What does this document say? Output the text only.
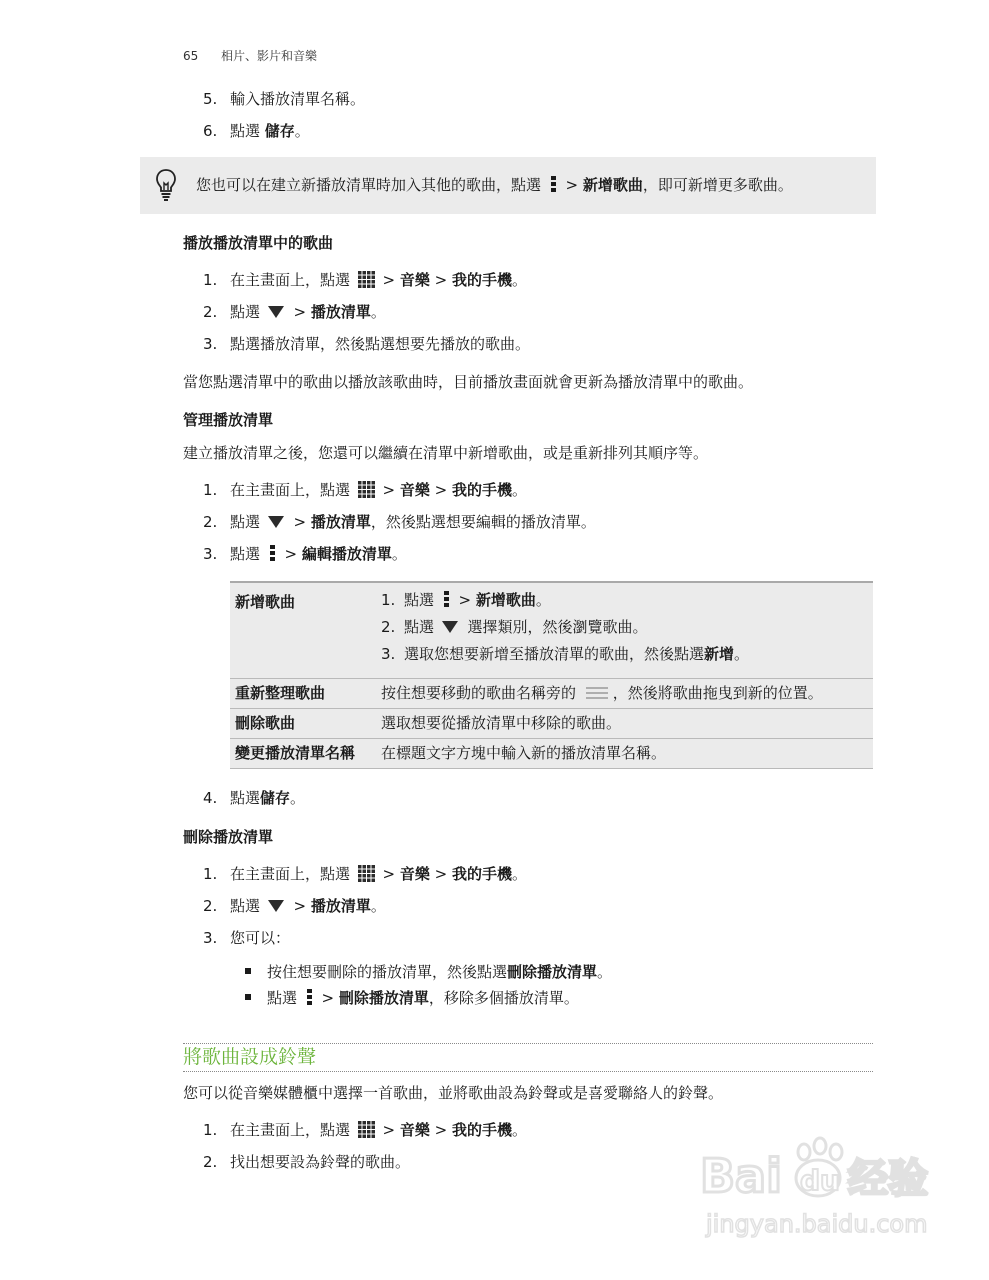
65 相片、影片和音樂
5. 輸入播放清單名稱。
6. 點選 儲存。
您也可以在建立新播放清單時加入其他的歌曲，點選
> 新增歌曲，即可新增更多歌曲。
播放播放清單中的歌曲
1. 在主畫面上，點選  > 音樂 > 我的手機。
2. 點選  > 播放清單。
3. 點選播放清單，然後點選想要先播放的歌曲。
當您點選清單中的歌曲以播放該歌曲時，目前播放畫面就會更新為播放清單中的歌曲。
管理播放清單
建立播放清單之後，您還可以繼續在清單中新增歌曲，或是重新排列其順序等。
1. 在主畫面上，點選  > 音樂 > 我的手機。
2. 點選  > 播放清單，然後點選想要編輯的播放清單。
3. 點選
> 編輯播放清單。
新增歌曲	1. 點選
> 新增歌曲。
2. 點選  選擇類別，然後瀏覽歌曲。
3. 選取您想要新增至播放清單的歌曲，然後點選新增。

重新整理歌曲	按住想要移動的歌曲名稱旁的 ，然後將歌曲拖曳到新的位置。
刪除歌曲	選取想要從播放清單中移除的歌曲。
變更播放清單名稱	在標題文字方塊中輸入新的播放清單名稱。
4. 點選儲存。
刪除播放清單
1. 在主畫面上，點選  > 音樂 > 我的手機。
2. 點選  > 播放清單。
3. 您可以：
按住想要刪除的播放清單，然後點選刪除播放清單。
點選
> 刪除播放清單，移除多個播放清單。
將歌曲設成鈴聲
您可以從音樂媒體櫃中選擇一首歌曲，並將歌曲設為鈴聲或是喜愛聯絡人的鈴聲。
1. 在主畫面上，點選  > 音樂 > 我的手機。
2. 找出想要設為鈴聲的歌曲。	Bai du 经验
jingyan.baidu.com
